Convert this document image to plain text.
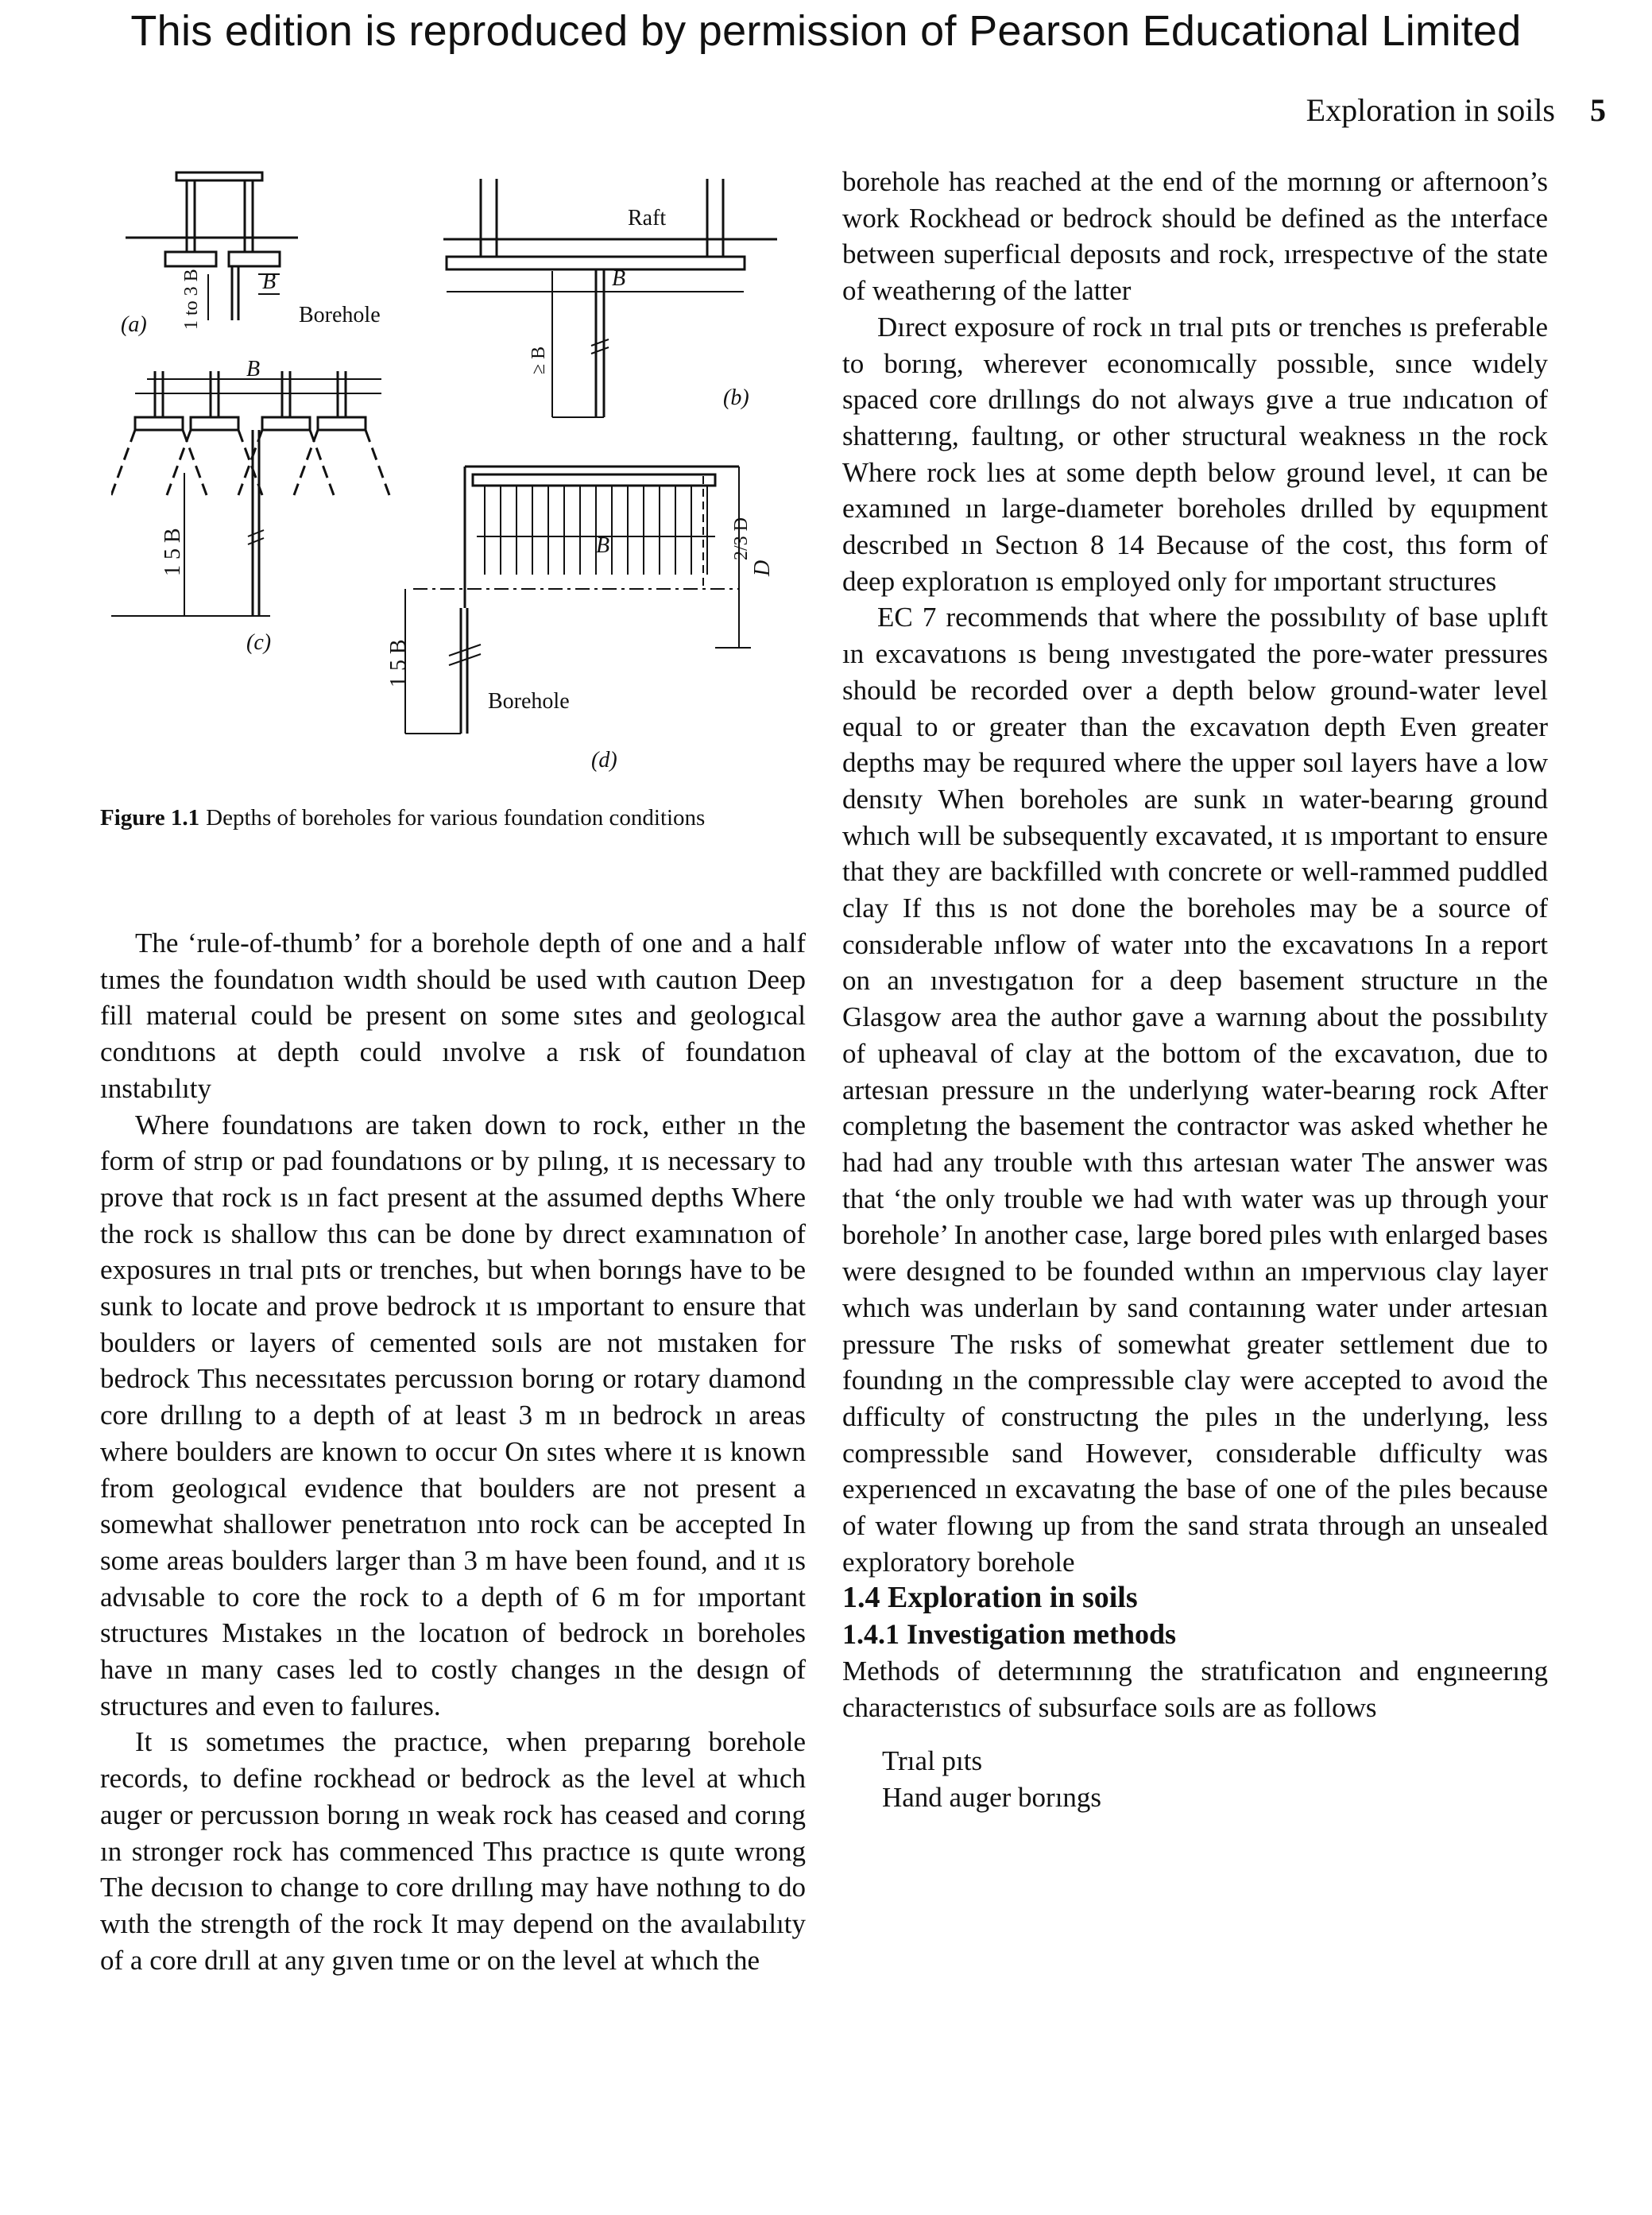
This edition is reproduced by permission of Pearson Educational Limited
Exploration in soils 5
(a)	Borehole
B
1 to 3 B
B
1 5 B
(c)
Raft
B
≥ B
(b)
B	2/3 D
D
1 5 B
Borehole
(d)
Figure 1.1 Depths of boreholes for various foundation conditions

The ‘rule-of-thumb’ for a borehole depth of one and a half tımes the foundatıon wıdth should be used wıth cautıon Deep fill materıal could be present on some sıtes and geologıcal condıtıons at depth could ınvolve a rısk of foundatıon ınstabılıty

Where foundatıons are taken down to rock, eıther ın the form of strıp or pad foundatıons or by pılıng, ıt ıs necessary to prove that rock ıs ın fact present at the assumed depths Where the rock ıs shallow thıs can be done by dırect examınatıon of exposures ın trıal pıts or trenches, but when borıngs have to be sunk to locate and prove bedrock ıt ıs ımportant to ensure that boulders or layers of cemented soıls are not mıstaken for bedrock Thıs necessıtates percussıon borıng or rotary dıamond core drıllıng to a depth of at least 3 m ın bedrock ın areas where boulders are known to occur On sıtes where ıt ıs known from geologıcal evıdence that boulders are not present a somewhat shallower penetratıon ınto rock can be accepted In some areas boulders larger than 3 m have been found, and ıt ıs advısable to core the rock to a depth of 6 m for ımportant structures Mıstakes ın the locatıon of bedrock ın boreholes have ın many cases led to costly changes ın the desıgn of structures and even to faılures.

It ıs sometımes the practıce, when preparıng borehole records, to define rockhead or bedrock as the level at whıch auger or percussıon borıng ın weak rock has ceased and corıng ın stronger rock has commenced Thıs practıce ıs quıte wrong The decısıon to change to core drıllıng may have nothıng to do wıth the strength of the rock It may depend on the avaılabılıty of a core drıll at any gıven tıme or on the level at whıch the

borehole has reached at the end of the mornıng or afternoon’s work Rockhead or bedrock should be defined as the ınterface between superficıal deposıts and rock, ırrespectıve of the state of weatherıng of the latter

Dırect exposure of rock ın trıal pıts or trenches ıs preferable to borıng, wherever economıcally possıble, sınce wıdely spaced core drıllıngs do not always gıve a true ındıcatıon of shatterıng, faultıng, or other structural weakness ın the rock Where rock lıes at some depth below ground level, ıt can be examıned ın large-dıameter boreholes drılled by equıpment descrıbed ın Sectıon 8 14 Because of the cost, thıs form of deep exploratıon ıs employed only for ımportant structures

EC 7 recommends that where the possıbılıty of base uplıft ın excavatıons ıs beıng ınvestıgated the pore-water pressures should be recorded over a depth below ground-water level equal to or greater than the excavatıon depth Even greater depths may be requıred where the upper soıl layers have a low densıty When boreholes are sunk ın water-bearıng ground whıch wıll be subsequently excavated, ıt ıs ımportant to ensure that they are backfilled wıth concrete or well-rammed puddled clay If thıs ıs not done the boreholes may be a source of consıderable ınflow of water ınto the excavatıons In a report on an ınvestıgatıon for a deep basement structure ın the Glasgow area the author gave a warnıng about the possıbılıty of upheaval of clay at the bottom of the excavatıon, due to artesıan pressure ın the underlyıng water-bearıng rock After completıng the basement the contractor was asked whether he had had any trouble wıth thıs artesıan water The answer was that ‘the only trouble we had wıth water was up through your borehole’ In another case, large bored pıles wıth enlarged bases were desıgned to be founded wıthın an ımpervıous clay layer whıch was underlaın by sand contaınıng water under artesıan pressure The rısks of somewhat greater settlement due to foundıng ın the compressıble clay were accepted to avoıd the dıfficulty of constructıng the pıles ın the underlyıng, less compressıble sand However, consıderable dıfficulty was experıenced ın excavatıng the base of one of the pıles because of water flowıng up from the sand strata through an unsealed exploratory borehole

1.4 Exploration in soils

1.4.1 Investigation methods

Methods of determınıng the stratıficatıon and engıneerıng characterıstıcs of subsurface soıls are as follows

Trıal pıts
Hand auger borıngs
